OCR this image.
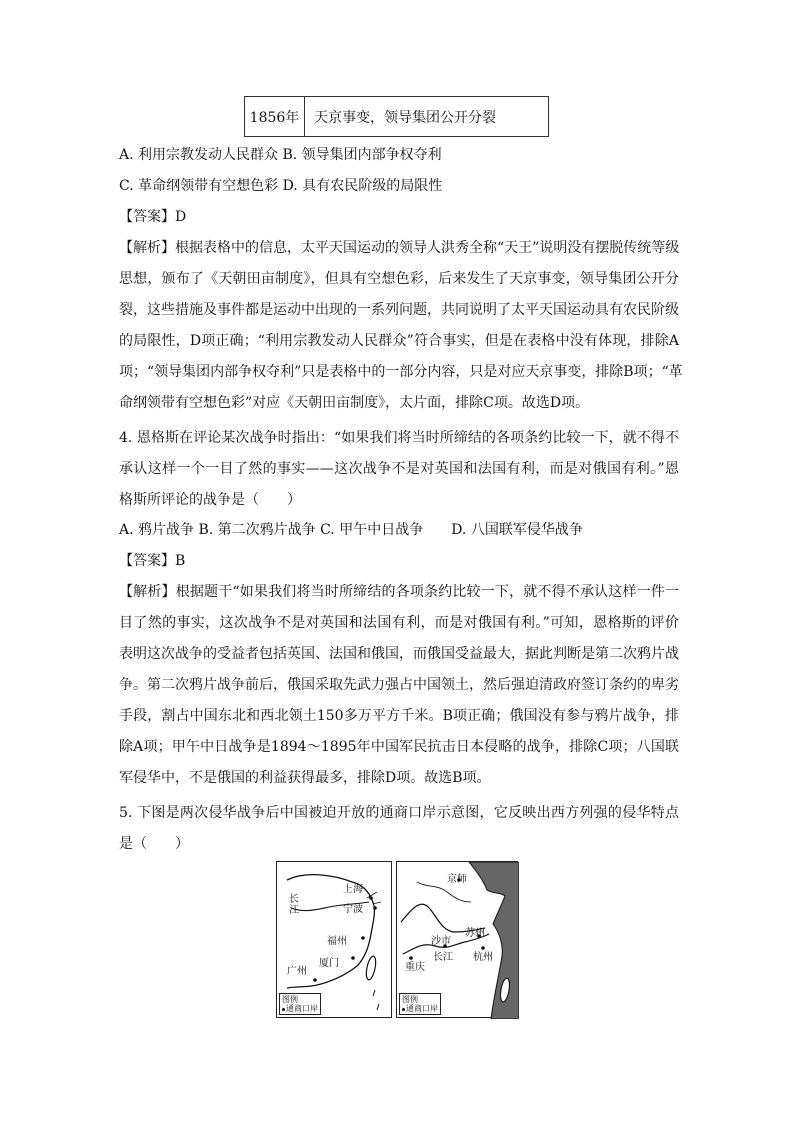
1856年	天京事变，领导集团公开分裂
A. 利用宗教发动人民群众 B. 领导集团内部争权夺利
C. 革命纲领带有空想色彩 D. 具有农民阶级的局限性
【答案】D
【解析】根据表格中的信息，太平天国运动的领导人洪秀全称“天王”说明没有摆脱传统等级
思想，颁布了《天朝田亩制度》，但具有空想色彩，后来发生了天京事变，领导集团公开分
裂，这些措施及事件都是运动中出现的一系列问题，共同说明了太平天国运动具有农民阶级
的局限性，D项正确；“利用宗教发动人民群众”符合事实，但是在表格中没有体现，排除A
项；“领导集团内部争权夺利”只是表格中的一部分内容，只是对应天京事变，排除B项；“革
命纲领带有空想色彩”对应《天朝田亩制度》，太片面，排除C项。故选D项。
4. 恩格斯在评论某次战争时指出：“如果我们将当时所缔结的各项条约比较一下，就不得不
承认这样一个一目了然的事实——这次战争不是对英国和法国有利，而是对俄国有利。”恩
格斯所评论的战争是（　　）
A. 鸦片战争 B. 第二次鸦片战争 C. 甲午中日战争　　D. 八国联军侵华战争
【答案】B
【解析】根据题干“如果我们将当时所缔结的各项条约比较一下，就不得不承认这样一件一
目了然的事实，这次战争不是对英国和法国有利，而是对俄国有利。”可知，恩格斯的评价
表明这次战争的受益者包括英国、法国和俄国，而俄国受益最大，据此判断是第二次鸦片战
争。第二次鸦片战争前后，俄国采取先武力强占中国领土，然后强迫清政府签订条约的卑劣
手段，割占中国东北和西北领土150多万平方千米。B项正确；俄国没有参与鸦片战争，排
除A项；甲午中日战争是1894～1895年中国军民抗击日本侵略的战争，排除C项；八国联
军侵华中，不是俄国的利益获得最多，排除D项。故选B项。
5. 下图是两次侵华战争后中国被迫开放的通商口岸示意图，它反映出西方列强的侵华特点
是（　　）
上海
宁波
长江
福州
厦门
广州
图例
通商口岸
京师
苏州
沙市
长江 杭州
重庆
图例
通商口岸
